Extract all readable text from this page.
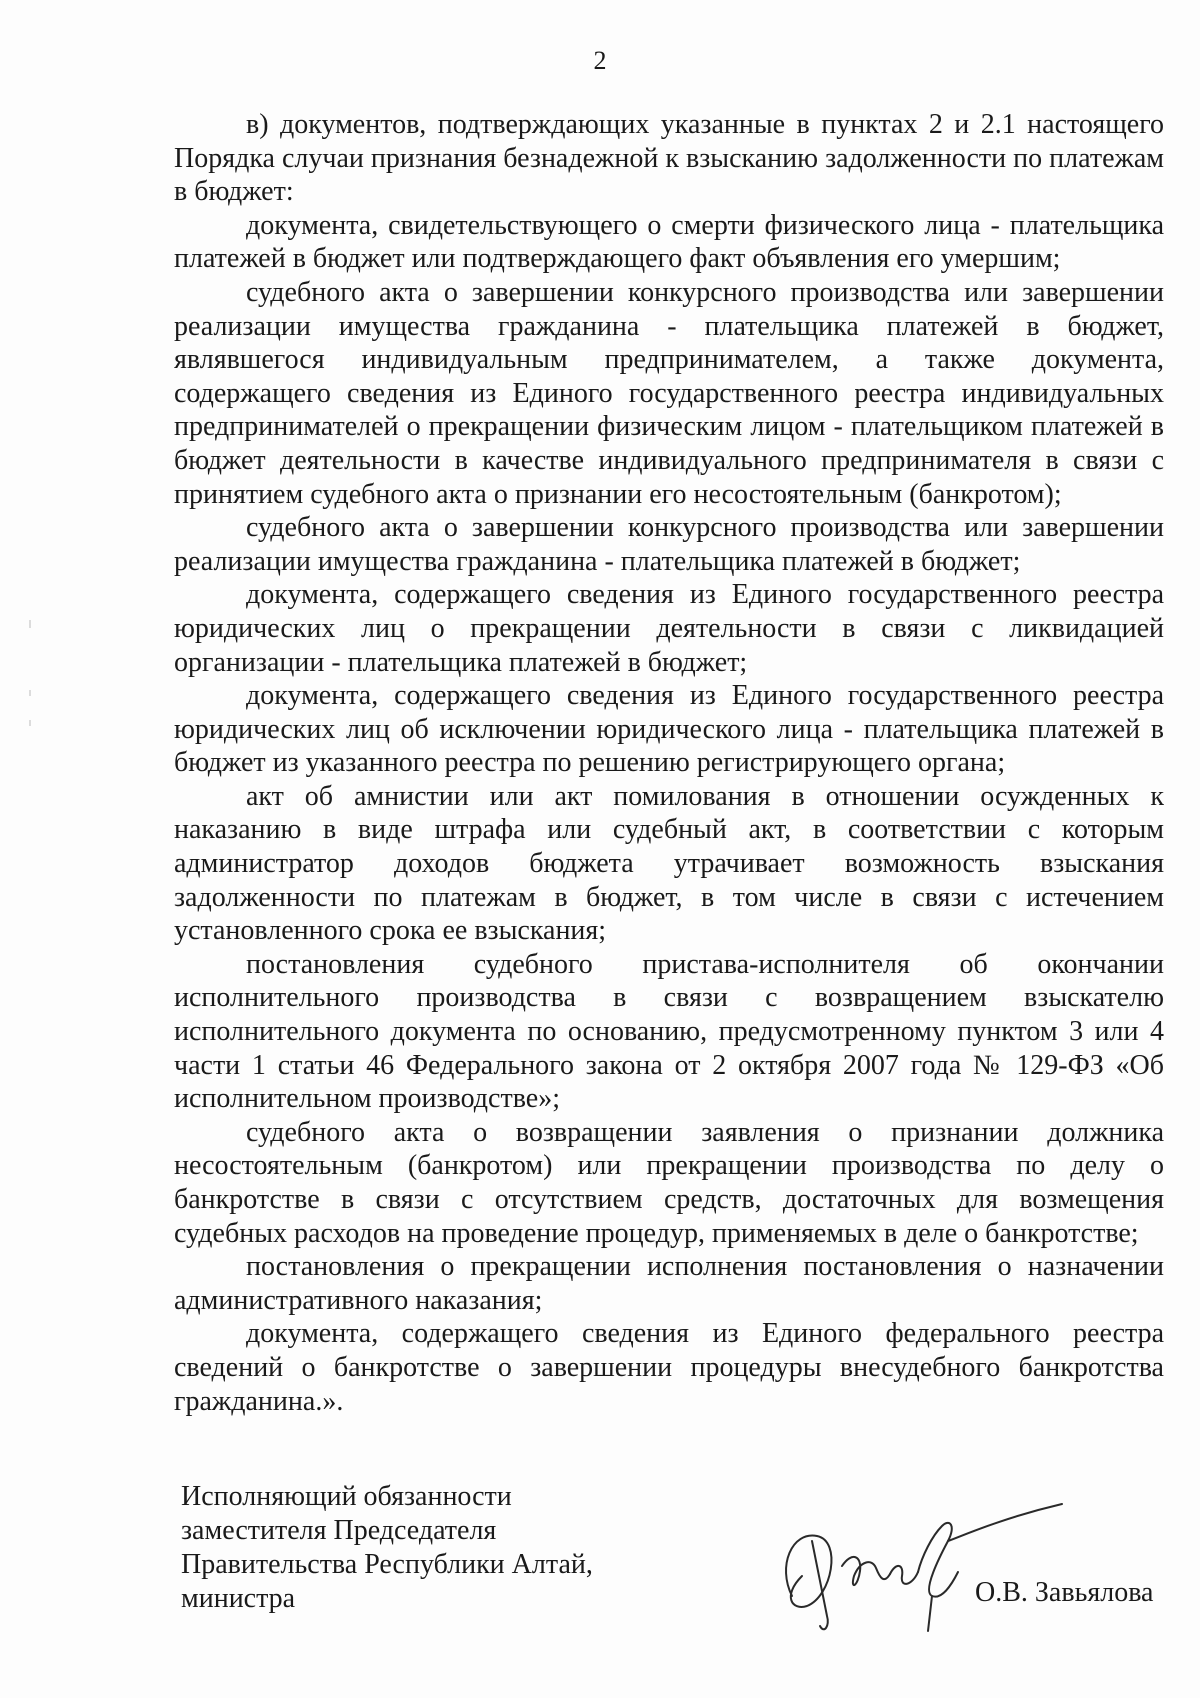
2

в) документов, подтверждающих указанные в пунктах 2 и 2.1 настоящего Порядка случаи признания безнадежной к взысканию задолженности по платежам в бюджет:

документа, свидетельствующего о смерти физического лица - плательщика платежей в бюджет или подтверждающего факт объявления его умершим;

судебного акта о завершении конкурсного производства или завершении реализации имущества гражданина - плательщика платежей в бюджет, являвшегося индивидуальным предпринимателем, а также документа, содержащего сведения из Единого государственного реестра индивидуальных предпринимателей о прекращении физическим лицом - плательщиком платежей в бюджет деятельности в качестве индивидуального предпринимателя в связи с принятием судебного акта о признании его несостоятельным (банкротом);

судебного акта о завершении конкурсного производства или завершении реализации имущества гражданина - плательщика платежей в бюджет;

документа, содержащего сведения из Единого государственного реестра юридических лиц о прекращении деятельности в связи с ликвидацией организации - плательщика платежей в бюджет;

документа, содержащего сведения из Единого государственного реестра юридических лиц об исключении юридического лица - плательщика платежей в бюджет из указанного реестра по решению регистрирующего органа;

акт об амнистии или акт помилования в отношении осужденных к наказанию в виде штрафа или судебный акт, в соответствии с которым администратор доходов бюджета утрачивает возможность взыскания задолженности по платежам в бюджет, в том числе в связи с истечением установленного срока ее взыскания;

постановления судебного пристава-исполнителя об окончании исполнительного производства в связи с возвращением взыскателю исполнительного документа по основанию, предусмотренному пунктом 3 или 4 части 1 статьи 46 Федерального закона от 2 октября 2007 года № 129-ФЗ «Об исполнительном производстве»;

судебного акта о возвращении заявления о признании должника несостоятельным (банкротом) или прекращении производства по делу о банкротстве в связи с отсутствием средств, достаточных для возмещения судебных расходов на проведение процедур, применяемых в деле о банкротстве;

постановления о прекращении исполнения постановления о назначении административного наказания;

документа, содержащего сведения из Единого федерального реестра сведений о банкротстве о завершении процедуры внесудебного банкротства гражданина.».

Исполняющий обязанности
заместителя Председателя
Правительства Республики Алтай,
министра	О.В. Завьялова
